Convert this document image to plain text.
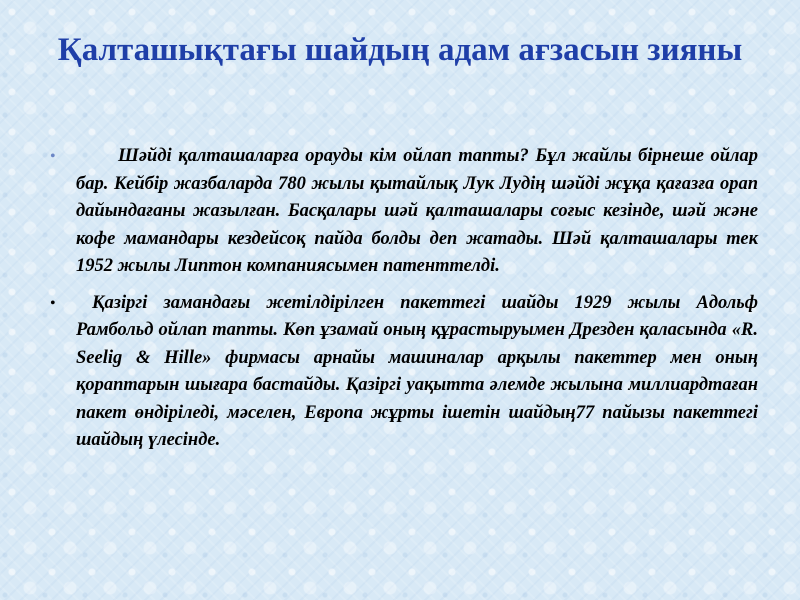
Қалташықтағы шайдың адам ағзасын зияны
•	Шәйді қалташаларға орауды кім ойлап тапты? Бұл жайлы бірнеше ойлар бар. Кейбір жазбаларда 780 жылы қытайлық Лук Лудің шәйді жұқа қағазға орап дайындағаны жазылған. Басқалары шәй қалташалары соғыс кезінде, шәй және кофе мамандары кездейсоқ пайда болды деп жатады. Шәй қалташалары тек 1952 жылы Липтон компаниясымен патенттелді.

•	Қазіргі замандағы жетілдірілген пакеттегі шайды 1929 жылы Адольф Рамбольд ойлап тапты. Көп ұзамай оның құрастыруымен Дрезден қаласында «R. Seelig & Hille» фирмасы арнайы машиналар арқылы пакеттер мен оның қораптарын шығара бастайды. Қазіргі уақытта әлемде жылына миллиардтаған пакет өндіріледі, мәселен, Европа жұрты ішетін шайдың77 пайызы пакеттегі шайдың үлесінде.
